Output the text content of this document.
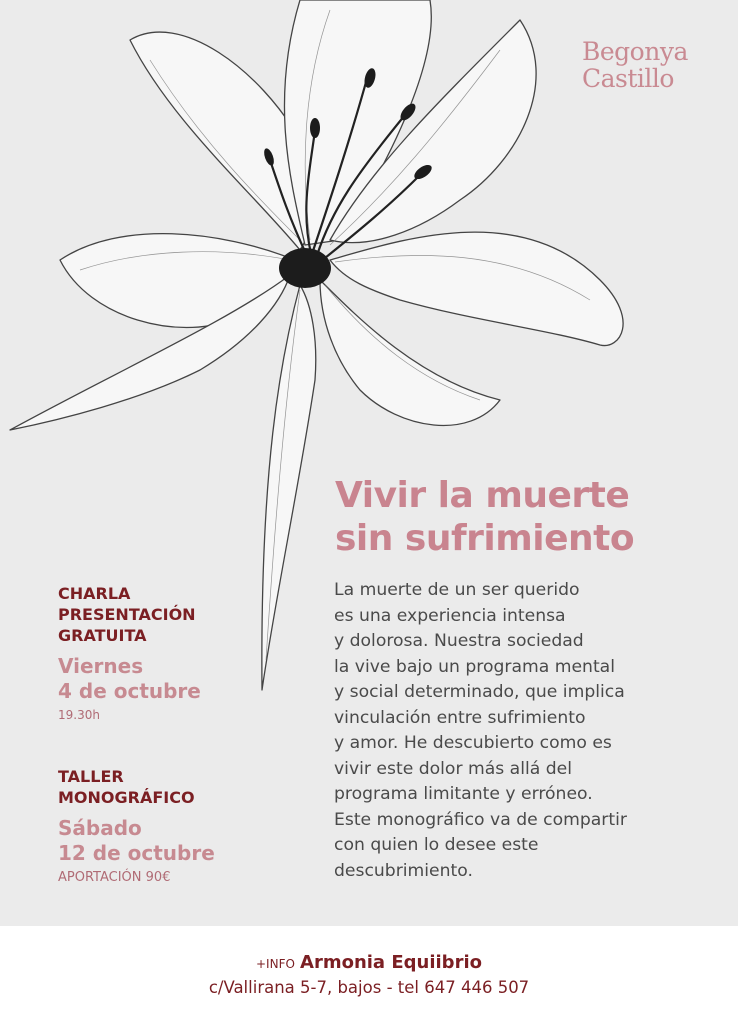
Begonya
Castillo
Vivir la muerte
sin sufrimiento
La muerte de un ser querido
es una experiencia intensa
y dolorosa. Nuestra sociedad
la vive bajo un programa mental
y social determinado, que implica
vinculación entre sufrimiento
y amor. He descubierto como es
vivir este dolor más allá del
programa limitante y erróneo.
Este monográfico va de compartir
con quien lo desee este
descubrimiento.
CHARLA
PRESENTACIÓN
GRATUITA
Viernes
4 de octubre
19.30h
TALLER
MONOGRÁFICO
Sábado
12 de octubre
APORTACIÓN 90€
+INFO Armonia Equiibrio
c/Vallirana 5-7, bajos - tel 647 446 507
